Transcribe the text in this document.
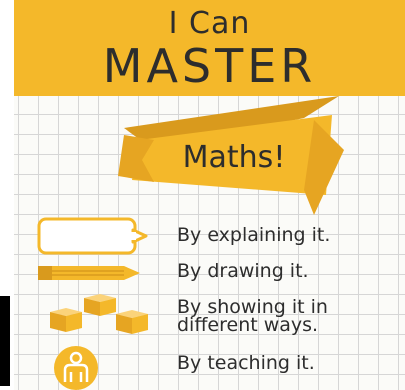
I Can
MASTER
Maths!
By explaining it.
By drawing it.
By showing it in
different ways.
By teaching it.
